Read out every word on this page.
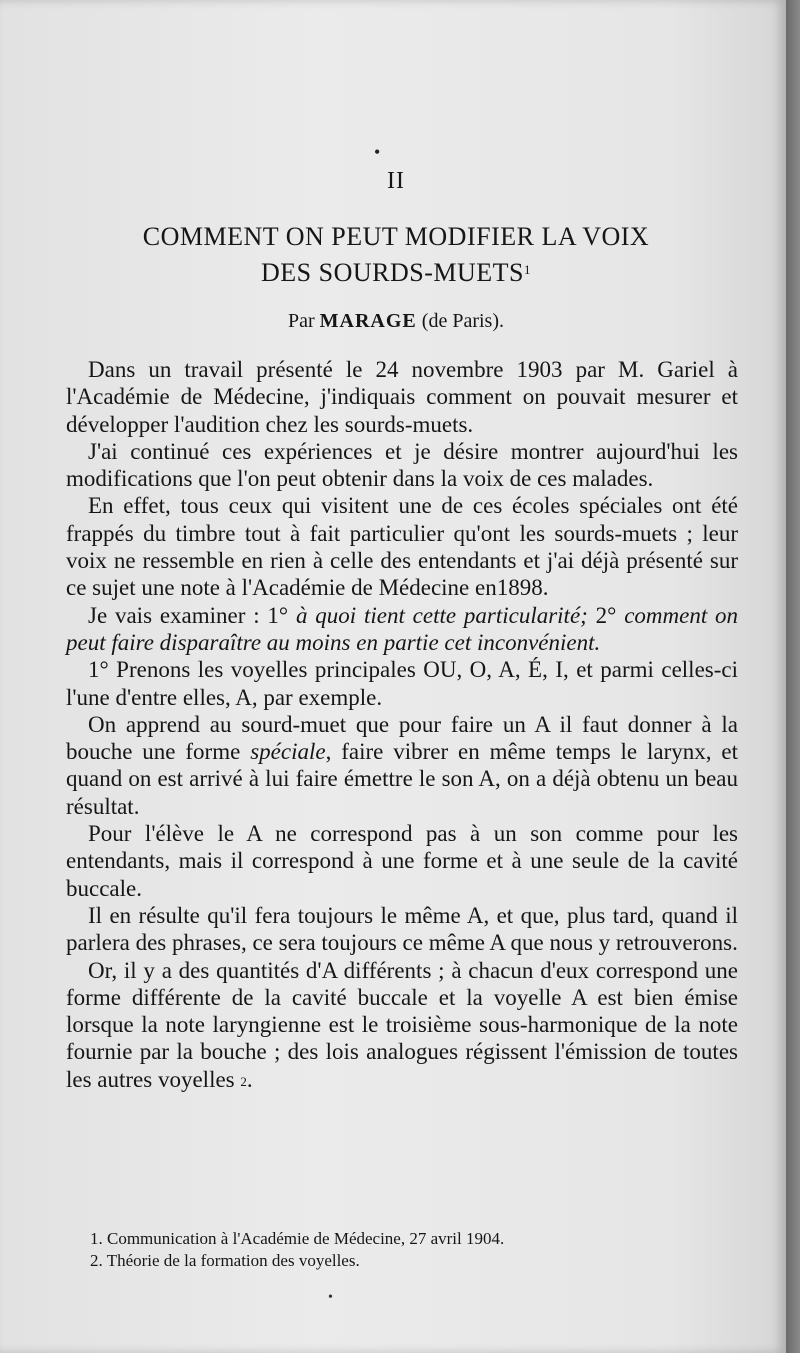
•
II
COMMENT ON PEUT MODIFIER LA VOIX
DES SOURDS-MUETS$^1$
Par MARAGE (de Paris).

Dans un travail présenté le 24 novembre 1903 par M. Gariel à l'Académie de Médecine, j'indiquais comment on pouvait mesurer et développer l'audition chez les sourds-muets.

J'ai continué ces expériences et je désire montrer aujourd'hui les modifications que l'on peut obtenir dans la voix de ces malades.

En effet, tous ceux qui visitent une de ces écoles spéciales ont été frappés du timbre tout à fait particulier qu'ont les sourds-muets ; leur voix ne ressemble en rien à celle des entendants et j'ai déjà présenté sur ce sujet une note à l'Académie de Médecine en1898.

Je vais examiner : 1° à quoi tient cette particularité; 2° comment on peut faire disparaître au moins en partie cet inconvénient.

1° Prenons les voyelles principales OU, O, A, É, I, et parmi celles-ci l'une d'entre elles, A, par exemple.

On apprend au sourd-muet que pour faire un A il faut donner à la bouche une forme spéciale, faire vibrer en même temps le larynx, et quand on est arrivé à lui faire émettre le son A, on a déjà obtenu un beau résultat.

Pour l'élève le A ne correspond pas à un son comme pour les entendants, mais il correspond à une forme et à une seule de la cavité buccale.

Il en résulte qu'il fera toujours le même A, et que, plus tard, quand il parlera des phrases, ce sera toujours ce même A que nous y retrouverons.

Or, il y a des quantités d'A différents ; à chacun d'eux correspond une forme différente de la cavité buccale et la voyelle A est bien émise lorsque la note laryngienne est le troisième sous-harmonique de la note fournie par la bouche ; des lois analogues régissent l'émission de toutes les autres voyelles $^2$.

1. Communication à l'Académie de Médecine, 27 avril 1904.

2. Théorie de la formation des voyelles.

•
